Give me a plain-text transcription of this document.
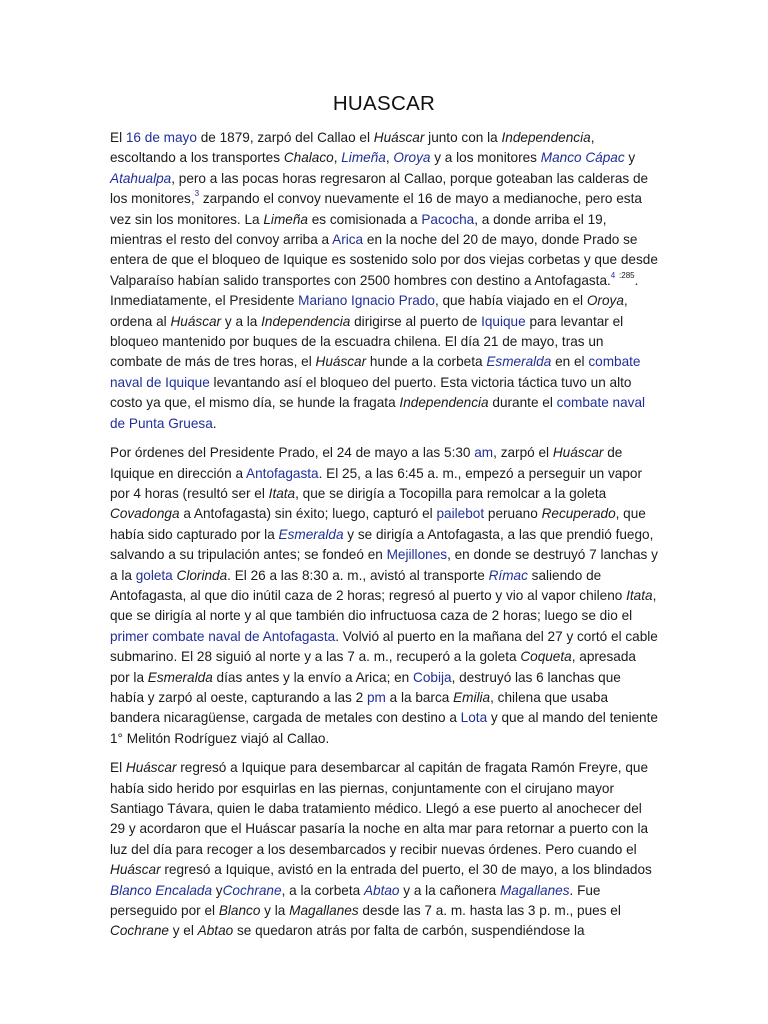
HUASCAR

El 16 de mayo de 1879, zarpó del Callao el Huáscar junto con la Independencia, escoltando a los transportes Chalaco, Limeña, Oroya y a los monitores Manco Cápac y Atahualpa, pero a las pocas horas regresaron al Callao, porque goteaban las calderas de los monitores,$^3$ zarpando el convoy nuevamente el 16 de mayo a medianoche, pero esta vez sin los monitores. La Limeña es comisionada a Pacocha, a donde arriba el 19, mientras el resto del convoy arriba a Arica en la noche del 20 de mayo, donde Prado se entera de que el bloqueo de Iquique es sostenido solo por dos viejas corbetas y que desde Valparaíso habían salido transportes con 2500 hombres con destino a Antofagasta.$^4$ $^{:285}$. Inmediatamente, el Presidente Mariano Ignacio Prado, que había viajado en el Oroya, ordena al Huáscar y a la Independencia dirigirse al puerto de Iquique para levantar el bloqueo mantenido por buques de la escuadra chilena. El día 21 de mayo, tras un combate de más de tres horas, el Huáscar hunde a la corbeta Esmeralda en el combate naval de Iquique levantando así el bloqueo del puerto. Esta victoria táctica tuvo un alto costo ya que, el mismo día, se hunde la fragata Independencia durante el combate naval de Punta Gruesa.

Por órdenes del Presidente Prado, el 24 de mayo a las 5:30 am, zarpó el Huáscar de Iquique en dirección a Antofagasta. El 25, a las 6:45 a. m., empezó a perseguir un vapor por 4 horas (resultó ser el Itata, que se dirigía a Tocopilla para remolcar a la goleta Covadonga a Antofagasta) sin éxito; luego, capturó el pailebot peruano Recuperado, que había sido capturado por la Esmeralda y se dirigía a Antofagasta, a las que prendió fuego, salvando a su tripulación antes; se fondeó en Mejillones, en donde se destruyó 7 lanchas y a la goleta Clorinda. El 26 a las 8:30 a. m., avistó al transporte Rímac saliendo de Antofagasta, al que dio inútil caza de 2 horas; regresó al puerto y vio al vapor chileno Itata, que se dirigía al norte y al que también dio infructuosa caza de 2 horas; luego se dio el primer combate naval de Antofagasta. Volvió al puerto en la mañana del 27 y cortó el cable submarino. El 28 siguió al norte y a las 7 a. m., recuperó a la goleta Coqueta, apresada por la Esmeralda días antes y la envío a Arica; en Cobija, destruyó las 6 lanchas que había y zarpó al oeste, capturando a las 2 pm a la barca Emilia, chilena que usaba bandera nicaragüense, cargada de metales con destino a Lota y que al mando del teniente 1° Melitón Rodríguez viajó al Callao.

El Huáscar regresó a Iquique para desembarcar al capitán de fragata Ramón Freyre, que había sido herido por esquirlas en las piernas, conjuntamente con el cirujano mayor Santiago Távara, quien le daba tratamiento médico. Llegó a ese puerto al anochecer del 29 y acordaron que el Huáscar pasaría la noche en alta mar para retornar a puerto con la luz del día para recoger a los desembarcados y recibir nuevas órdenes. Pero cuando el Huáscar regresó a Iquique, avistó en la entrada del puerto, el 30 de mayo, a los blindados Blanco Encalada yCochrane, a la corbeta Abtao y a la cañonera Magallanes. Fue perseguido por el Blanco y la Magallanes desde las 7 a. m. hasta las 3 p. m., pues el Cochrane y el Abtao se quedaron atrás por falta de carbón, suspendiéndose la
